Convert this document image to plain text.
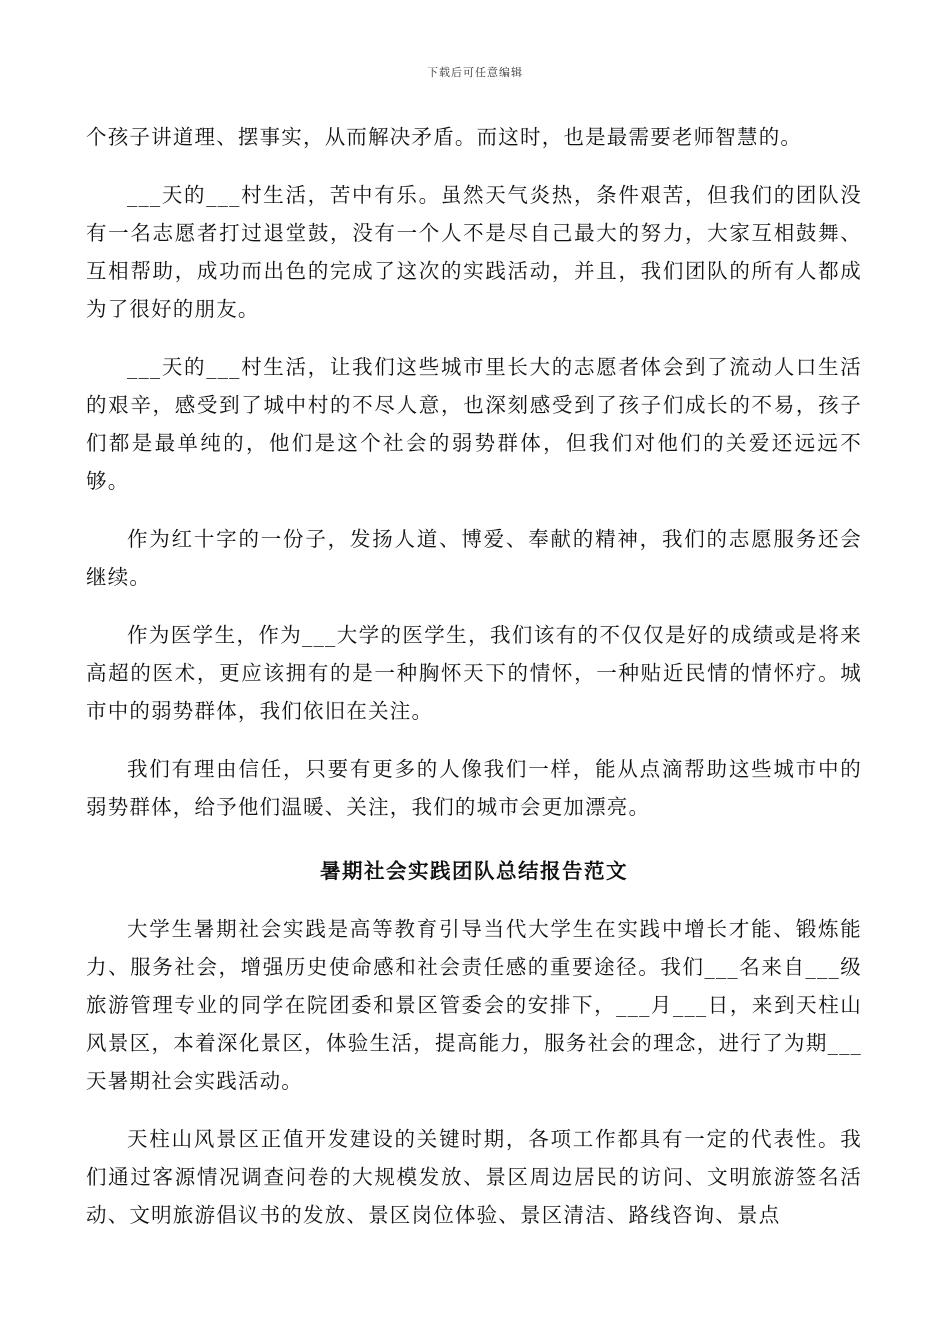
下载后可任意编辑

个孩子讲道理、摆事实，从而解决矛盾。而这时，也是最需要老师智慧的。

___天的___村生活，苦中有乐。虽然天气炎热，条件艰苦，但我们的团队没有一名志愿者打过退堂鼓，没有一个人不是尽自己最大的努力，大家互相鼓舞、互相帮助，成功而出色的完成了这次的实践活动，并且，我们团队的所有人都成为了很好的朋友。

___天的___村生活，让我们这些城市里长大的志愿者体会到了流动人口生活的艰辛，感受到了城中村的不尽人意，也深刻感受到了孩子们成长的不易，孩子们都是最单纯的，他们是这个社会的弱势群体，但我们对他们的关爱还远远不够。

作为红十字的一份子，发扬人道、博爱、奉献的精神，我们的志愿服务还会继续。

作为医学生，作为___大学的医学生，我们该有的不仅仅是好的成绩或是将来高超的医术，更应该拥有的是一种胸怀天下的情怀，一种贴近民情的情怀疗。城市中的弱势群体，我们依旧在关注。

我们有理由信任，只要有更多的人像我们一样，能从点滴帮助这些城市中的弱势群体，给予他们温暖、关注，我们的城市会更加漂亮。

暑期社会实践团队总结报告范文

大学生暑期社会实践是高等教育引导当代大学生在实践中增长才能、锻炼能力、服务社会，增强历史使命感和社会责任感的重要途径。我们___名来自___级旅游管理专业的同学在院团委和景区管委会的安排下，___月___日，来到天柱山风景区，本着深化景区，体验生活，提高能力，服务社会的理念，进行了为期___天暑期社会实践活动。

天柱山风景区正值开发建设的关键时期，各项工作都具有一定的代表性。我们通过客源情况调查问卷的大规模发放、景区周边居民的访问、文明旅游签名活动、文明旅游倡议书的发放、景区岗位体验、景区清洁、路线咨询、景点
